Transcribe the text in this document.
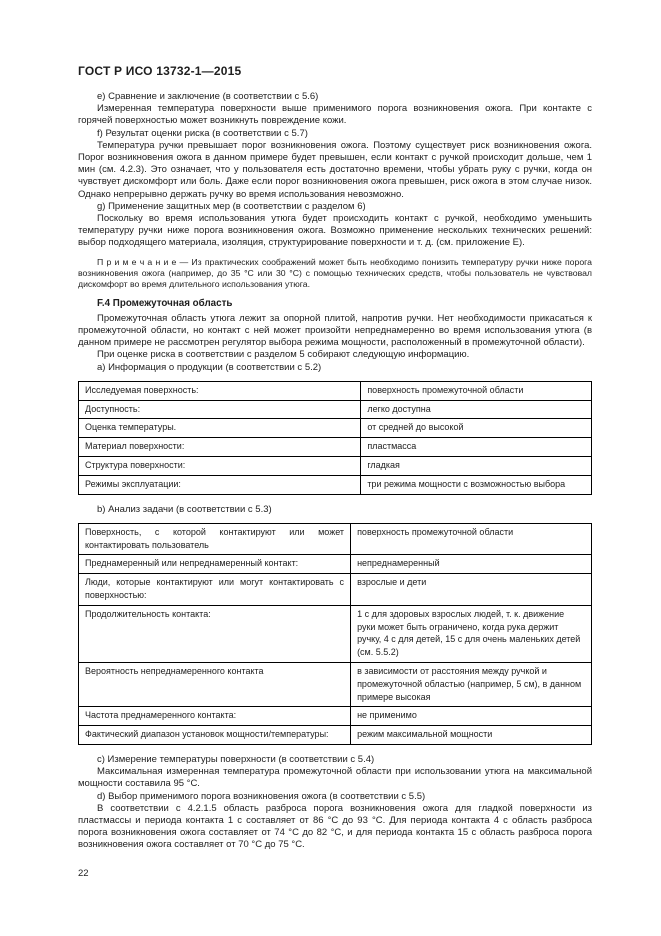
ГОСТ Р ИСО 13732-1—2015
e) Сравнение и заключение (в соответствии с 5.6)
Измеренная температура поверхности выше применимого порога возникновения ожога. При контакте с горячей поверхностью может возникнуть повреждение кожи.
f) Результат оценки риска (в соответствии с 5.7)
Температура ручки превышает порог возникновения ожога. Поэтому существует риск возникновения ожога. Порог возникновения ожога в данном примере будет превышен, если контакт с ручкой происходит дольше, чем 1 мин (см. 4.2.3). Это означает, что у пользователя есть достаточно времени, чтобы убрать руку с ручки, когда он чувствует дискомфорт или боль. Даже если порог возникновения ожога превышен, риск ожога в этом случае низок. Однако непрерывно держать ручку во время использования невозможно.
g) Применение защитных мер (в соответствии с разделом 6)
Поскольку во время использования утюга будет происходить контакт с ручкой, необходимо уменьшить температуру ручки ниже порога возникновения ожога. Возможно применение нескольких технических решений: выбор подходящего материала, изоляция, структурирование поверхности и т. д. (см. приложение Е).
П р и м е ч а н и е — Из практических соображений может быть необходимо понизить температуру ручки ниже порога возникновения ожога (например, до 35 °С или 30 °С) с помощью технических средств, чтобы пользователь не чувствовал дискомфорт во время длительного использования утюга.
F.4 Промежуточная область
Промежуточная область утюга лежит за опорной плитой, напротив ручки. Нет необходимости прикасаться к промежуточной области, но контакт с ней может произойти непреднамеренно во время использования утюга (в данном примере не рассмотрен регулятор выбора режима мощности, расположенный в промежуточной области).
При оценке риска в соответствии с разделом 5 собирают следующую информацию.
а) Информация о продукции (в соответствии с 5.2)
Исследуемая поверхность:	поверхность промежуточной области
Доступность:	легко доступна
Оценка температуры.	от средней до высокой
Материал поверхности:	пластмасса
Структура поверхности:	гладкая
Режимы эксплуатации:	три режима мощности с возможностью выбора
b) Анализ задачи (в соответствии с 5.3)
Поверхность, с которой контактируют или может контактировать пользователь	поверхность промежуточной области
Преднамеренный или непреднамеренный контакт:	непреднамеренный
Люди, которые контактируют или могут контактировать с поверхностью:	взрослые и дети
Продолжительность контакта:	1 с для здоровых взрослых людей, т. к. движение руки может быть ограничено, когда рука держит ручку, 4 с для детей, 15 с для очень маленьких детей (см. 5.5.2)
Вероятность непреднамеренного контакта	в зависимости от расстояния между ручкой и промежуточной областью (например, 5 см), в данном примере высокая
Частота преднамеренного контакта:	не применимо
Фактический диапазон установок мощности/температуры:	режим максимальной мощности
c) Измерение температуры поверхности (в соответствии с 5.4)
Максимальная измеренная температура промежуточной области при использовании утюга на максимальной мощности составила 95 °С.
d) Выбор применимого порога возникновения ожога (в соответствии с 5.5)
В соответствии с 4.2.1.5 область разброса порога возникновения ожога для гладкой поверхности из пластмассы и периода контакта 1 с составляет от 86 °С до 93 °С. Для периода контакта 4 с область разброса порога возникновения ожога составляет от 74 °С до 82 °С, и для периода контакта 15 с область разброса порога возникновения ожога составляет от 70 °С до 75 °С.
22
